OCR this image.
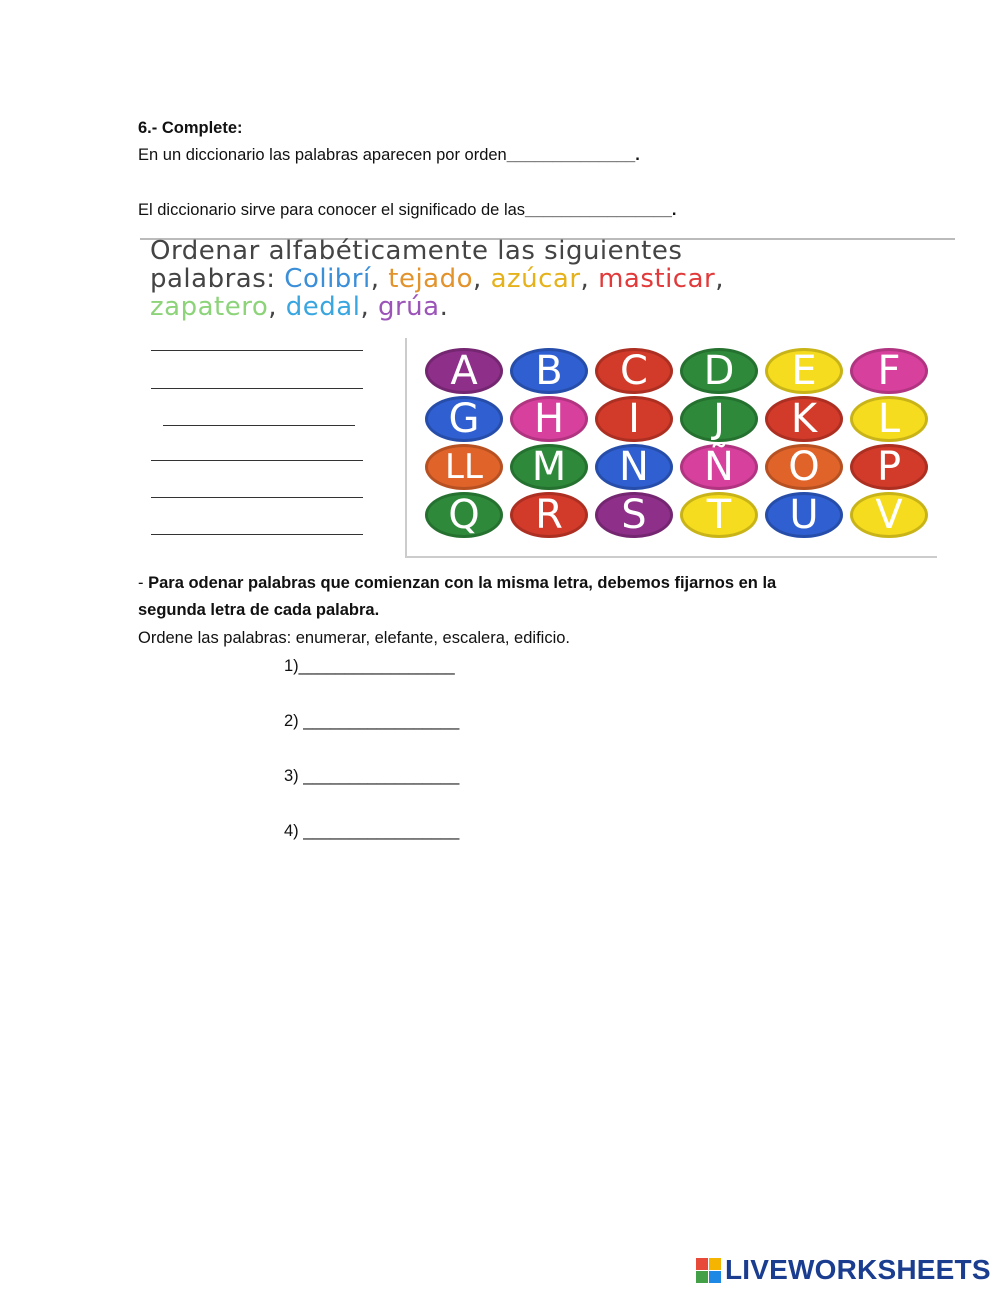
6.- Complete:
En un diccionario las palabras aparecen por orden______________.
El diccionario sirve para conocer el significado de las________________.
Ordenar alfabéticamente las siguientes
palabras: Colibrí, tejado, azúcar, masticar,
zapatero, dedal, grúa.
A	B	C	D	E	F
G	H	I	J	K	L
LL	M	N	Ñ	O	P
Q	R	S	T	U	V
- Para odenar palabras que comienzan con la misma letra, debemos fijarnos en la
segunda letra de cada palabra.
Ordene las palabras: enumerar, elefante, escalera, edificio.
1)_________________
2) _________________
3) _________________
4) _________________
LIVEWORKSHEETS
